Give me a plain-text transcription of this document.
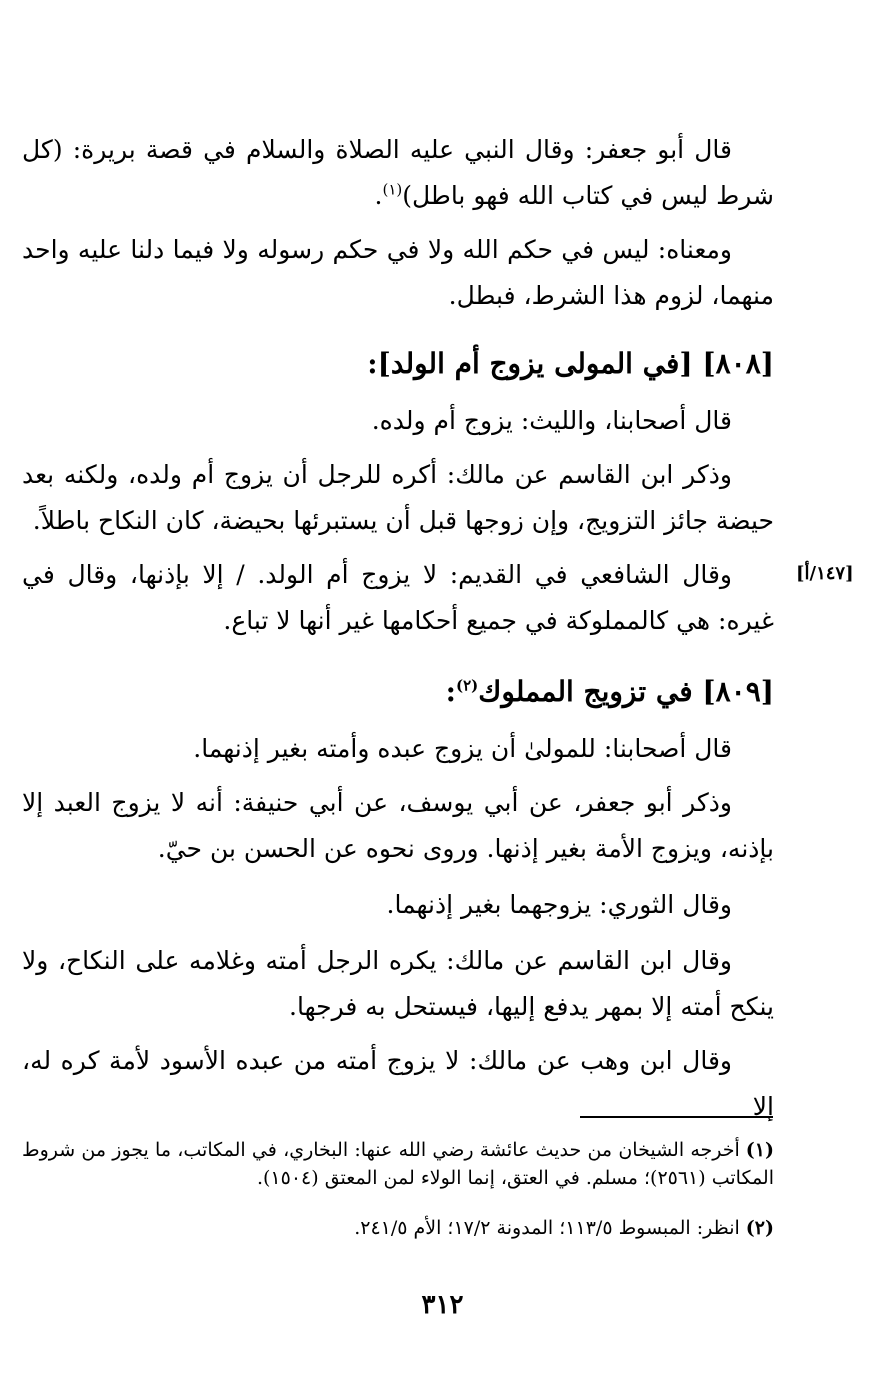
قال أبو جعفر: وقال النبي عليه الصلاة والسلام في قصة بريرة: (كل شرط ليس في كتاب الله فهو باطل)$^{(١)}$.
ومعناه: ليس في حكم الله ولا في حكم رسوله ولا فيما دلنا عليه واحد منهما، لزوم هذا الشرط، فبطل.
[٨٠٨] [في المولى يزوج أم الولد]:
قال أصحابنا، والليث: يزوج أم ولده.
وذكر ابن القاسم عن مالك: أكره للرجل أن يزوج أم ولده، ولكنه بعد حيضة جائز التزويج، وإن زوجها قبل أن يستبرئها بحيضة، كان النكاح باطلاً.
وقال الشافعي في القديم: لا يزوج أم الولد. / إلا بإذنها، وقال في غيره: هي كالمملوكة في جميع أحكامها غير أنها لا تباع.
[١٤٧/أ]
[٨٠٩] في تزويج المملوك$^{(٢)}$:
قال أصحابنا: للمولىٰ أن يزوج عبده وأمته بغير إذنهما.
وذكر أبو جعفر، عن أبي يوسف، عن أبي حنيفة: أنه لا يزوج العبد إلا بإذنه، ويزوج الأمة بغير إذنها. وروى نحوه عن الحسن بن حيّ.
وقال الثوري: يزوجهما بغير إذنهما.
وقال ابن القاسم عن مالك: يكره الرجل أمته وغلامه على النكاح، ولا ينكح أمته إلا بمهر يدفع إليها، فيستحل به فرجها.
وقال ابن وهب عن مالك: لا يزوج أمته من عبده الأسود لأمة كره له، إلا
(١)أخرجه الشيخان من حديث عائشة رضي الله عنها: البخاري، في المكاتب، ما يجوز من شروط المكاتب (٢٥٦١)؛ مسلم. في العتق، إنما الولاء لمن المعتق (١٥٠٤).
(٢)انظر: المبسوط ١١٣/٥؛ المدونة ١٧/٢؛ الأم ٢٤١/٥.
٣١٢
